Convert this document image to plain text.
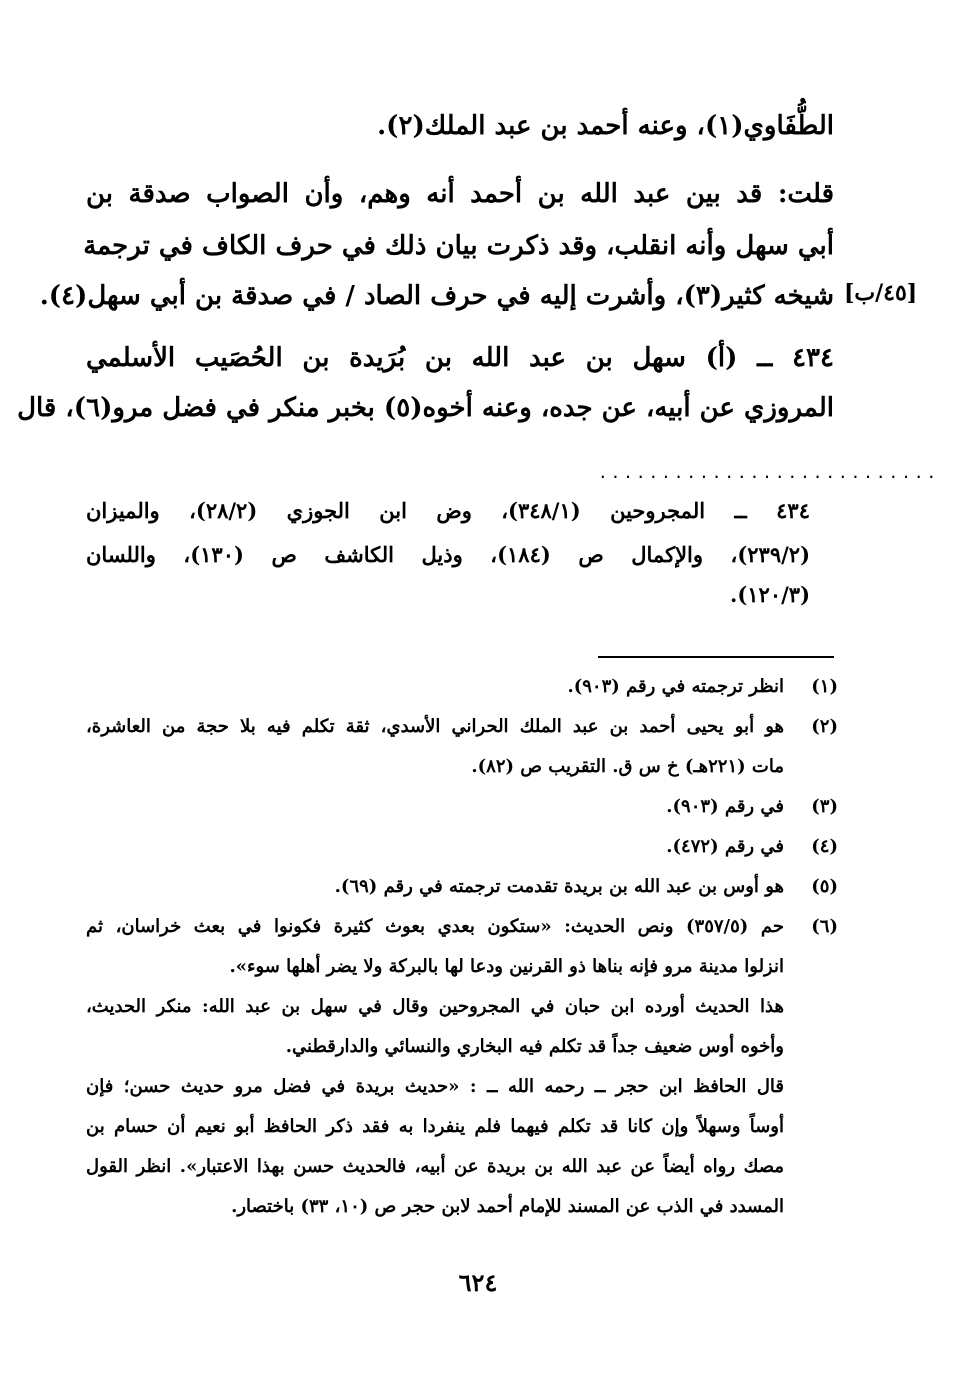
الطُّفَاوي(١)، وعنه أحمد بن عبد الملك(٢).
قلت: قد بين عبد الله بن أحمد أنه وهم، وأن الصواب صدقة بن
أبي سهل وأنه انقلب، وقد ذكرت بيان ذلك في حرف الكاف في ترجمة
شيخه كثير(٣)، وأشرت إليه في حرف الصاد / في صدقة بن أبي سهل(٤). [٤٥/ب]
٤٣٤ ــ (أ) سهل بن عبد الله بن بُرَيدة بن الحُصَيب الأسلمي
المروزي عن أبيه، عن جده، وعنه أخوه(٥) بخبر منكر في فضل مرو(٦)، قال
...........................
٤٣٤ ــ المجروحين (٣٤٨/١)، وض ابن الجوزي (٢٨/٢)، والميزان
(٢٣٩/٢)، والإكمال ص (١٨٤)، وذيل الكاشف ص (١٣٠)، واللسان
(١٢٠/٣).
(١)
انظر ترجمته في رقم (٩٠٣).
(٢)
هو أبو يحيى أحمد بن عبد الملك الحراني الأسدي، ثقة تكلم فيه بلا حجة من العاشرة،
مات (٢٢١هـ) خ س ق. التقريب ص (٨٢).
(٣)
في رقم (٩٠٣).
(٤)
في رقم (٤٧٢).
(٥)
هو أوس بن عبد الله بن بريدة تقدمت ترجمته في رقم (٦٩).
(٦)
حم (٣٥٧/٥) ونص الحديث: «ستكون بعدي بعوث كثيرة فكونوا في بعث خراسان، ثم
انزلوا مدينة مرو فإنه بناها ذو القرنين ودعا لها بالبركة ولا يضر أهلها سوء».
هذا الحديث أورده ابن حبان في المجروحين وقال في سهل بن عبد الله: منكر الحديث،
وأخوه أوس ضعيف جداً قد تكلم فيه البخاري والنسائي والدارقطني.
قال الحافظ ابن حجر ــ رحمه الله ــ : «حديث بريدة في فضل مرو حديث حسن؛ فإن
أوساً وسهلاً وإن كانا قد تكلم فيهما فلم ينفردا به فقد ذكر الحافظ أبو نعيم أن حسام بن
مصك رواه أيضاً عن عبد الله بن بريدة عن أبيه، فالحديث حسن بهذا الاعتبار». انظر القول
المسدد في الذب عن المسند للإمام أحمد لابن حجر ص (١٠، ٣٣) باختصار.
٦٢٤
